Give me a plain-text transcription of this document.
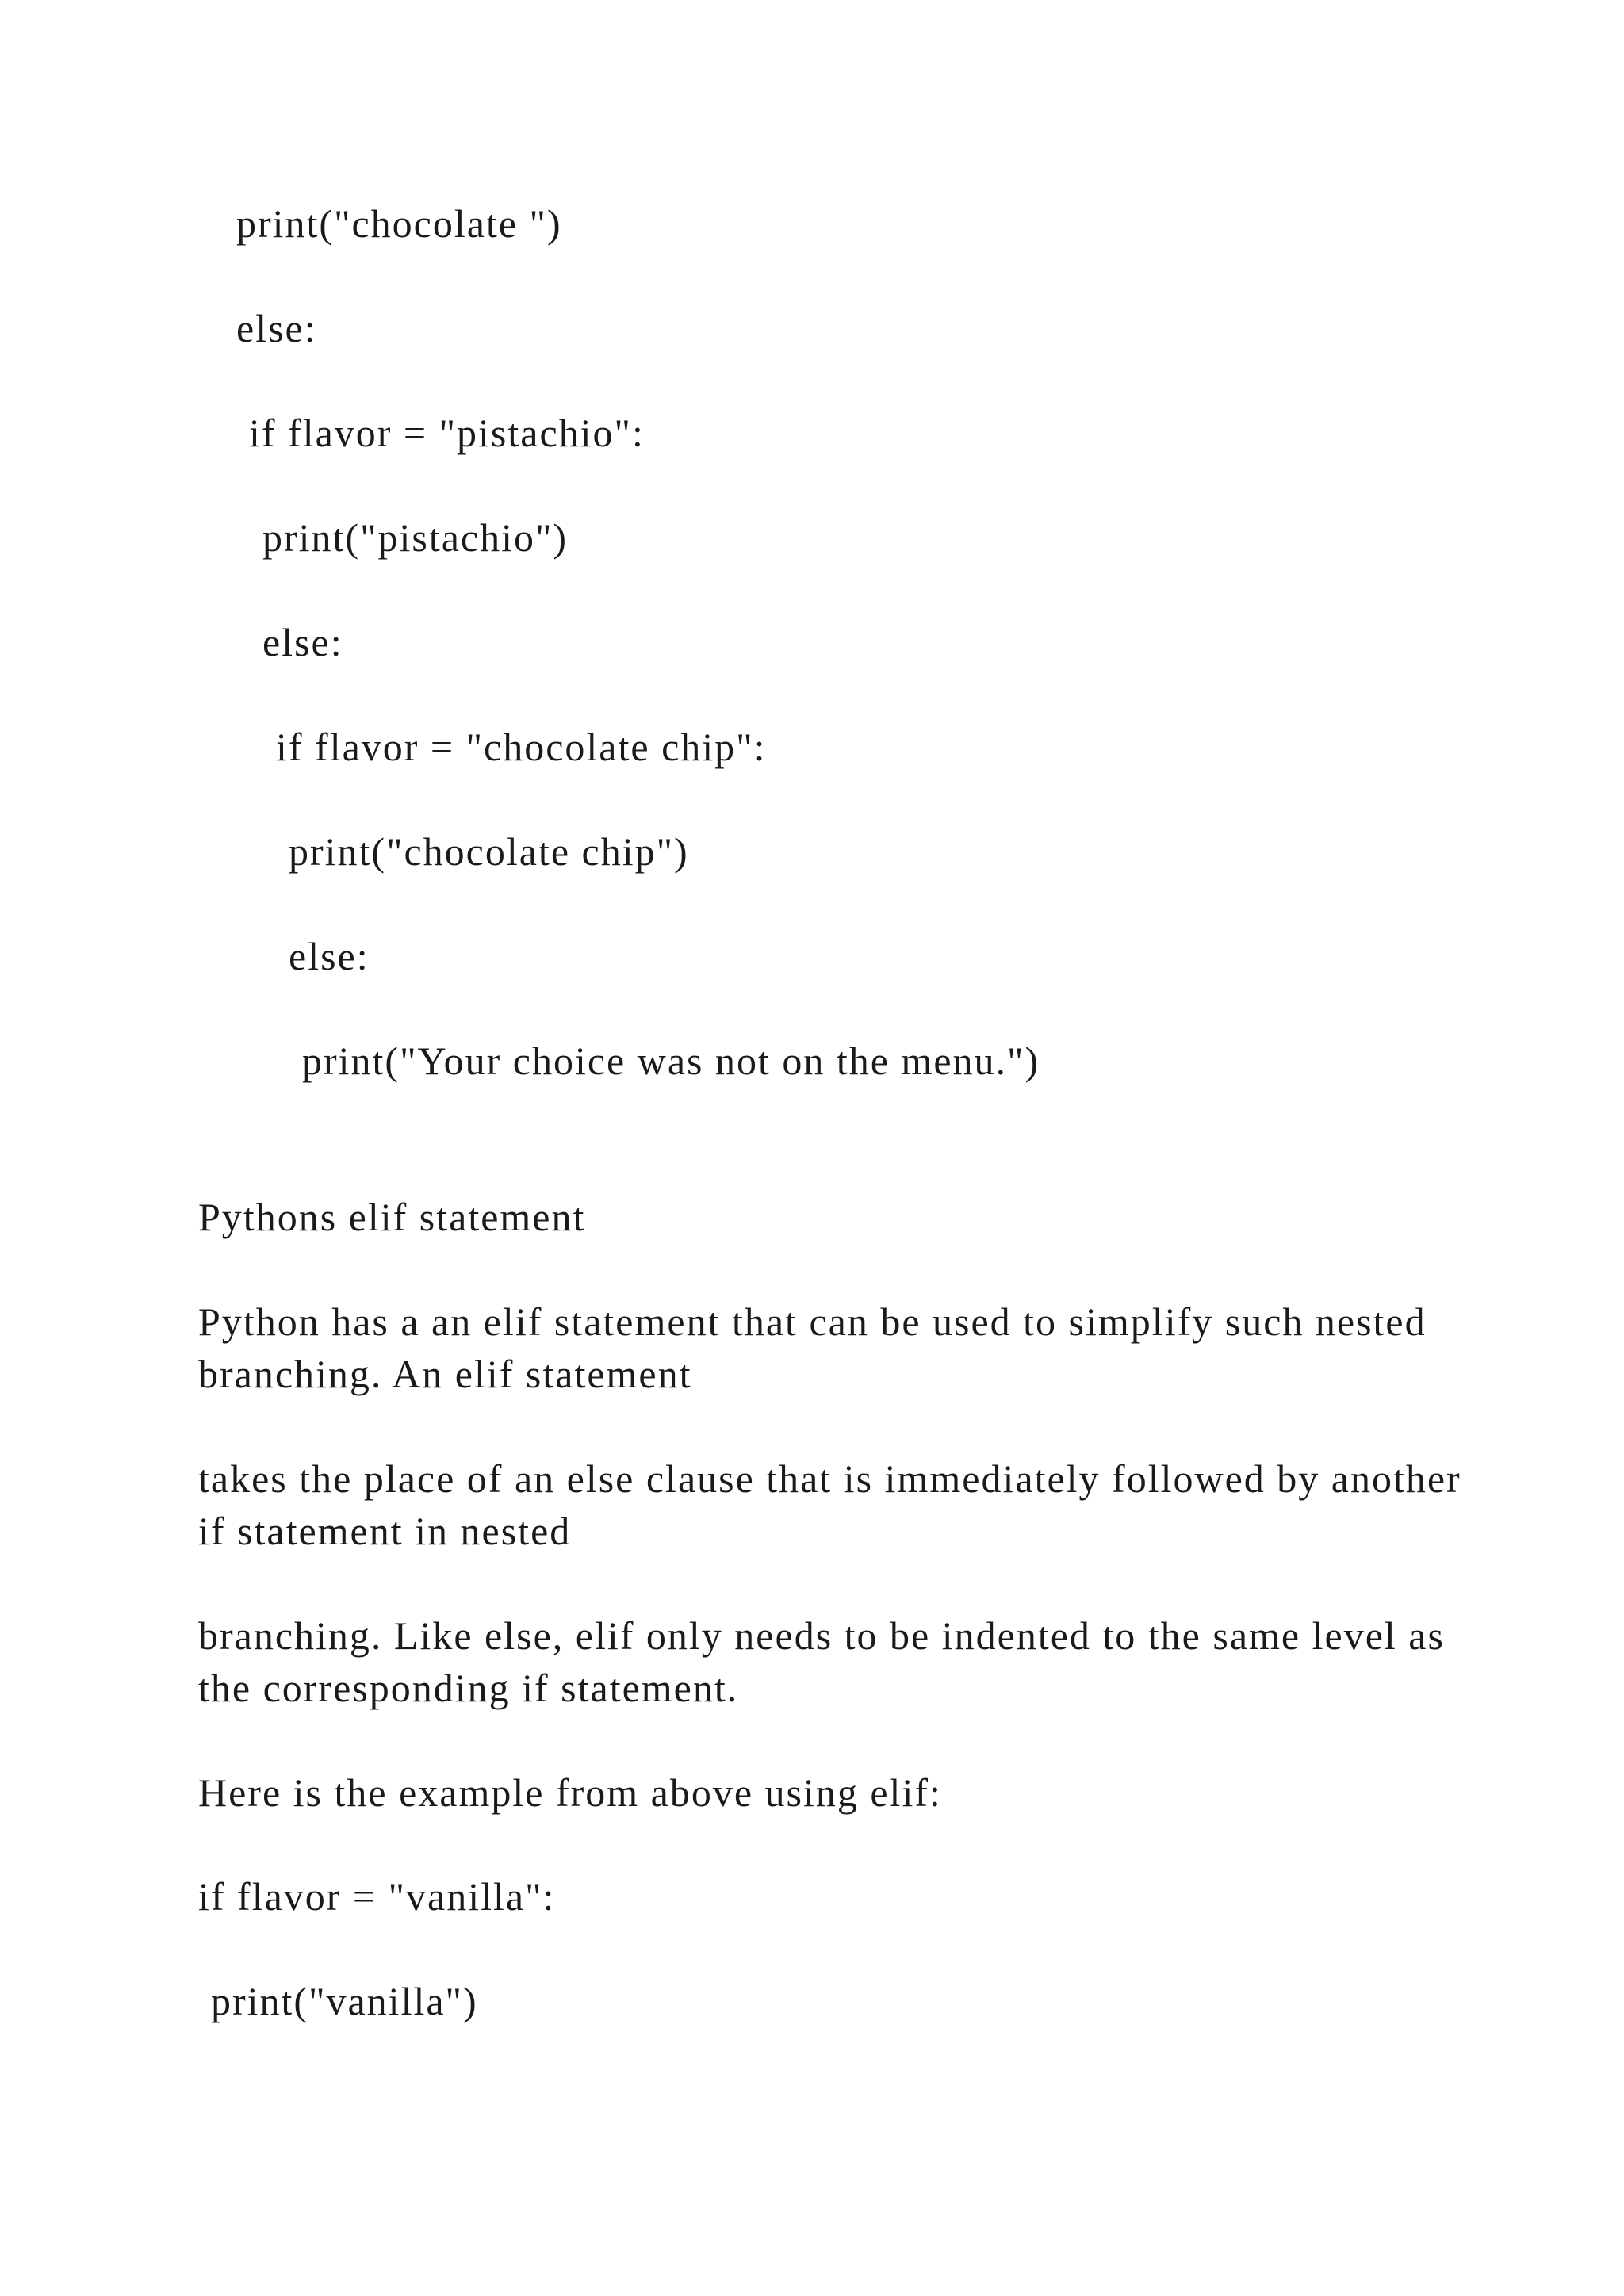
print("chocolate ")
else:
if flavor = "pistachio":
print("pistachio")
else:
if flavor = "chocolate chip":
print("chocolate chip")
else:
print("Your choice was not on the menu.")
Pythons elif statement
Python has a an elif statement that can be used to simplify such nested branching. An elif statement
takes the place of an else clause that is immediately followed by another if statement in nested
branching. Like else, elif only needs to be indented to the same level as the corresponding if statement.
Here is the example from above using elif:
if flavor = "vanilla":
print("vanilla")
